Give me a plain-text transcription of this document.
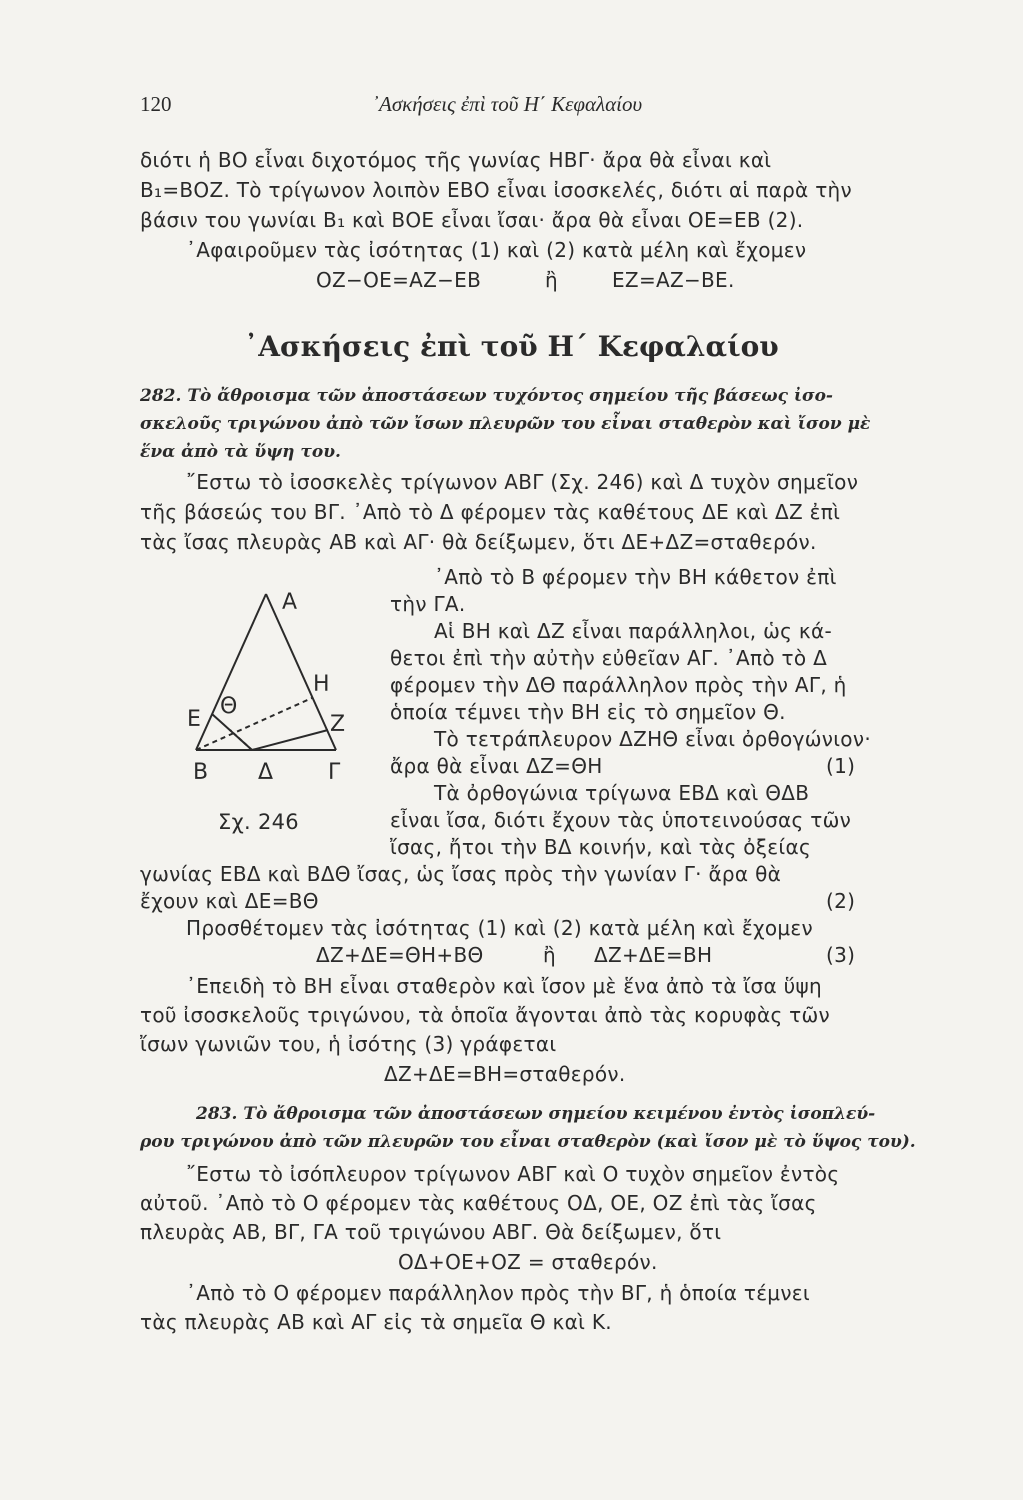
120	᾿Ασκήσεις ἐπὶ τοῦ Η΄ Κεφαλαίου
διότι ἡ ΒΟ εἶναι διχοτόμος τῆς γωνίας ΗΒΓ· ἄρα θὰ εἶναι καὶ
Β₁=ΒΟΖ. Τὸ τρίγωνον λοιπὸν ΕΒΟ εἶναι ἰσοσκελές, διότι αἱ παρὰ τὴν
βάσιν του γωνίαι Β₁ καὶ ΒΟΕ εἶναι ἴσαι· ἄρα θὰ εἶναι ΟΕ=ΕΒ (2).
᾿Αφαιροῦμεν τὰς ἰσότητας (1) καὶ (2) κατὰ μέλη καὶ ἔχομεν
ΟΖ−ΟΕ=ΑΖ−ΕΒ	ἢ	ΕΖ=ΑΖ−ΒΕ.
᾿Ασκήσεις ἐπὶ τοῦ Η΄ Κεφαλαίου
282. Τὸ ἄθροισμα τῶν ἀποστάσεων τυχόντος σημείου τῆς βάσεως ἰσο-
σκελοῦς τριγώνου ἀπὸ τῶν ἴσων πλευρῶν του εἶναι σταθερὸν καὶ ἴσον μὲ
ἕνα ἀπὸ τὰ ὕψη του.
῎Εστω τὸ ἰσοσκελὲς τρίγωνον ΑΒΓ (Σχ. 246) καὶ Δ τυχὸν σημεῖον
τῆς βάσεώς του ΒΓ. ᾿Απὸ τὸ Δ φέρομεν τὰς καθέτους ΔΕ καὶ ΔΖ ἐπὶ
τὰς ἴσας πλευρὰς ΑΒ καὶ ΑΓ· θὰ δείξωμεν, ὅτι ΔΕ+ΔΖ=σταθερόν.
᾿Απὸ τὸ Β φέρομεν τὴν ΒΗ κάθετον ἐπὶ
τὴν ΓΑ.
Αἱ ΒΗ καὶ ΔΖ εἶναι παράλληλοι, ὡς κά-
θετοι ἐπὶ τὴν αὐτὴν εὐθεῖαν ΑΓ. ᾿Απὸ τὸ Δ
φέρομεν τὴν ΔΘ παράλληλον πρὸς τὴν ΑΓ, ἡ
ὁποία τέμνει τὴν ΒΗ εἰς τὸ σημεῖον Θ.
Τὸ τετράπλευρον ΔΖΗΘ εἶναι ὀρθογώνιον·
ἄρα θὰ εἶναι ΔΖ=ΘΗ	(1)
Τὰ ὀρθογώνια τρίγωνα ΕΒΔ καὶ ΘΔΒ
εἶναι ἴσα, διότι ἔχουν τὰς ὑποτεινούσας τῶν
ἴσας, ἤτοι τὴν ΒΔ κοινήν, καὶ τὰς ὀξείας
Α
Η
Ε
Θ
Ζ
Β Δ Γ
Σχ. 246
γωνίας ΕΒΔ καὶ ΒΔΘ ἴσας, ὡς ἴσας πρὸς τὴν γωνίαν Γ· ἄρα θὰ
ἔχουν καὶ ΔΕ=ΒΘ	(2)
Προσθέτομεν τὰς ἰσότητας (1) καὶ (2) κατὰ μέλη καὶ ἔχομεν
ΔΖ+ΔΕ=ΘΗ+ΒΘ	ἢ ΔΖ+ΔΕ=ΒΗ	(3)
᾿Επειδὴ τὸ ΒΗ εἶναι σταθερὸν καὶ ἴσον μὲ ἕνα ἀπὸ τὰ ἴσα ὕψη
τοῦ ἰσοσκελοῦς τριγώνου, τὰ ὁποῖα ἄγονται ἀπὸ τὰς κορυφὰς τῶν
ἴσων γωνιῶν του, ἡ ἰσότης (3) γράφεται
ΔΖ+ΔΕ=ΒΗ=σταθερόν.
283. Τὸ ἄθροισμα τῶν ἀποστάσεων σημείου κειμένου ἐντὸς ἰσοπλεύ-
ρου τριγώνου ἀπὸ τῶν πλευρῶν του εἶναι σταθερὸν (καὶ ἴσον μὲ τὸ ὕψος του).
῎Εστω τὸ ἰσόπλευρον τρίγωνον ΑΒΓ καὶ Ο τυχὸν σημεῖον ἐντὸς
αὐτοῦ. ᾿Απὸ τὸ Ο φέρομεν τὰς καθέτους ΟΔ, ΟΕ, ΟΖ ἐπὶ τὰς ἴσας
πλευρὰς ΑΒ, ΒΓ, ΓΑ τοῦ τριγώνου ΑΒΓ. Θὰ δείξωμεν, ὅτι
ΟΔ+ΟΕ+ΟΖ = σταθερόν.
᾿Απὸ τὸ Ο φέρομεν παράλληλον πρὸς τὴν ΒΓ, ἡ ὁποία τέμνει
τὰς πλευρὰς ΑΒ καὶ ΑΓ εἰς τὰ σημεῖα Θ καὶ Κ.
